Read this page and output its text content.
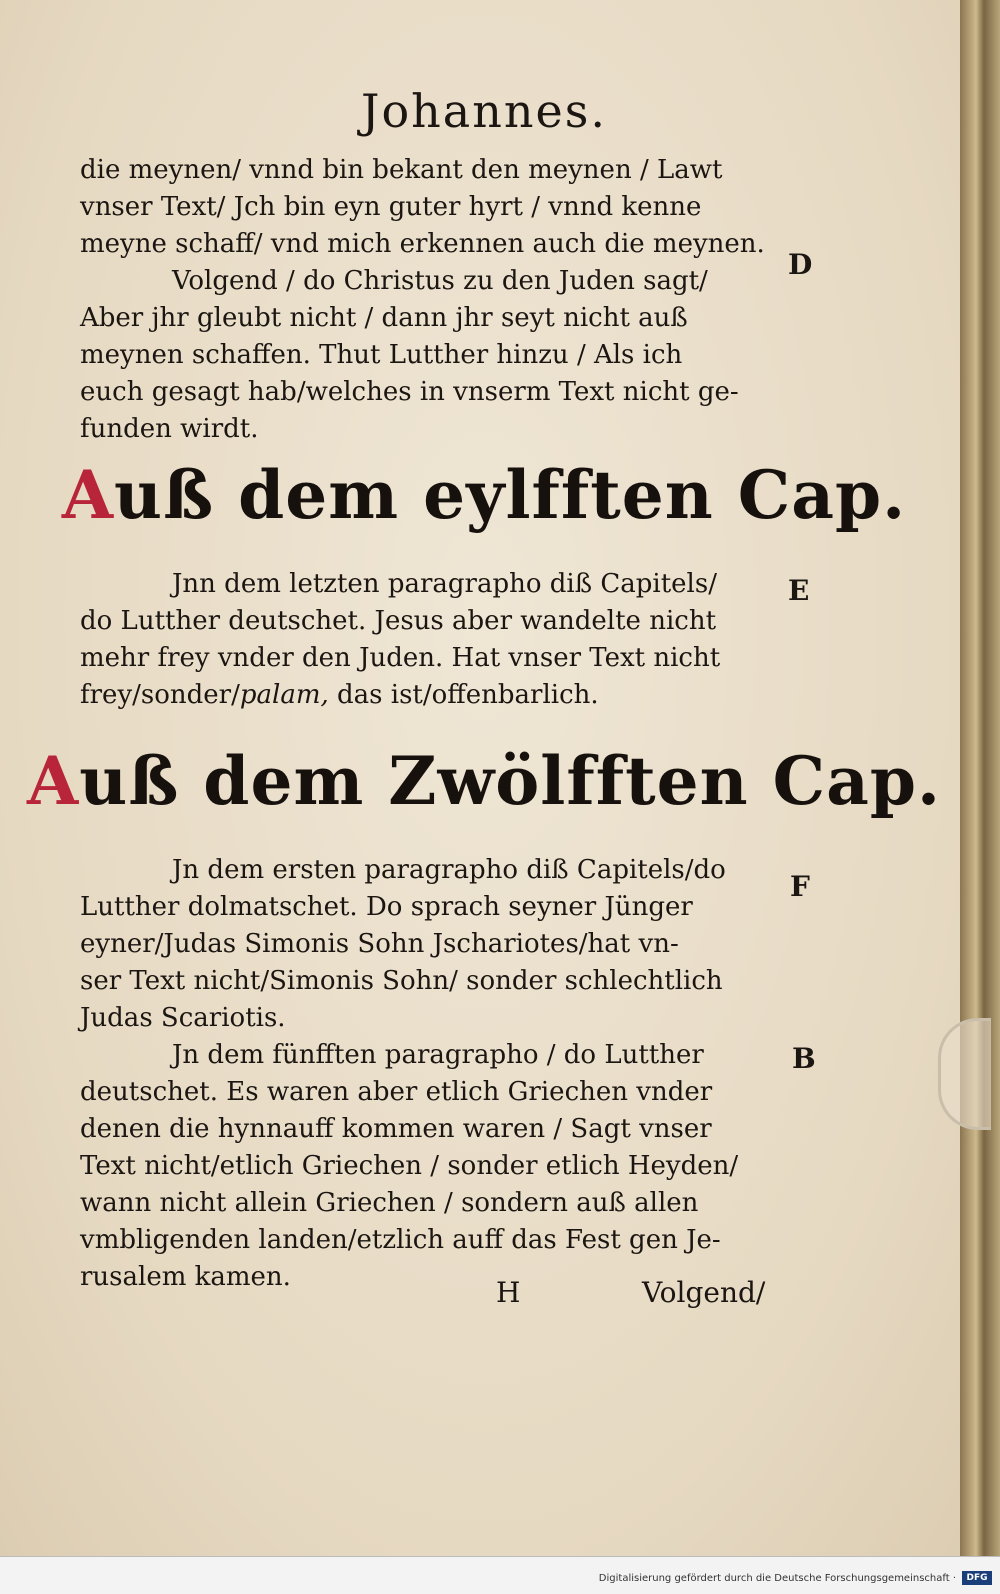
Johannes.

die meynen/ vnnd bin bekant den meynen / Lawt

vnser Text/ Jch bin eyn guter hyrt / vnnd kenne

meyne schaff/ vnd mich erkennen auch die meynen.

Volgend / do Christus zu den Juden sagt/

Aber jhr gleubt nicht / dann jhr seyt nicht auß

meynen schaffen. Thut Lutther hinzu / Als ich

euch gesagt hab/welches in vnserm Text nicht ge-

funden wirdt.

Auß dem eylfften Cap.

Jnn dem letzten paragrapho diß Capitels/

do Lutther deutschet. Jesus aber wandelte nicht

mehr frey vnder den Juden. Hat vnser Text nicht

frey/sonder/palam, das ist/offenbarlich.

Auß dem Zwölfften Cap.

Jn dem ersten paragrapho diß Capitels/do

Lutther dolmatschet. Do sprach seyner Jünger

eyner/Judas Simonis Sohn Jschariotes/hat vn-

ser Text nicht/Simonis Sohn/ sonder schlechtlich

Judas Scariotis.

Jn dem fünfften paragrapho / do Lutther

deutschet. Es waren aber etlich Griechen vnder

denen die hynnauff kommen waren / Sagt vnser

Text nicht/etlich Griechen / sonder etlich Heyden/

wann nicht allein Griechen / sondern auß allen

vmbligenden landen/etzlich auff das Fest gen Je-

rusalem kamen.

D
E
F
B
H	Volgend/
Digitalisierung gefördert durch die Deutsche Forschungsgemeinschaft ·	DFG
